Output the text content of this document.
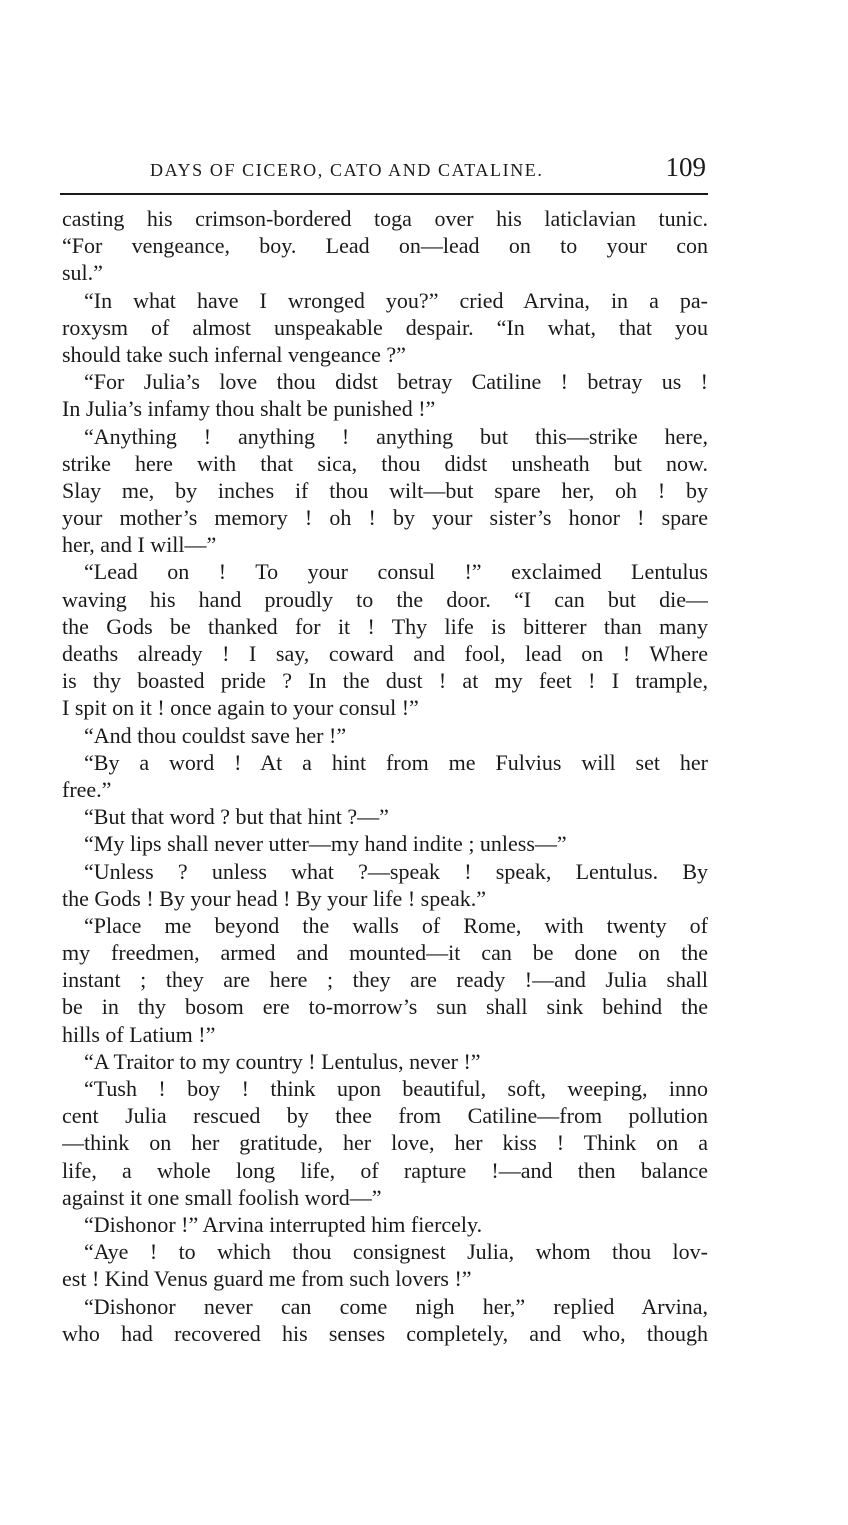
DAYS OF CICERO, CATO AND CATALINE.	109
casting his crimson-bordered toga over his laticlavian tunic.
“For vengeance, boy. Lead on—lead on to your con
sul.”
“In what have I wronged you?” cried Arvina, in a pa-
roxysm of almost unspeakable despair. “In what, that you
should take such infernal vengeance ?”
“For Julia’s love thou didst betray Catiline ! betray us !
In Julia’s infamy thou shalt be punished !”
“Anything ! anything ! anything but this—strike here,
strike here with that sica, thou didst unsheath but now.
Slay me, by inches if thou wilt—but spare her, oh ! by
your mother’s memory ! oh ! by your sister’s honor ! spare
her, and I will—”
“Lead on ! To your consul !” exclaimed Lentulus
waving his hand proudly to the door. “I can but die—
the Gods be thanked for it ! Thy life is bitterer than many
deaths already ! I say, coward and fool, lead on ! Where
is thy boasted pride ? In the dust ! at my feet ! I trample,
I spit on it ! once again to your consul !”
“And thou couldst save her !”
“By a word ! At a hint from me Fulvius will set her
free.”
“But that word ? but that hint ?—”
“My lips shall never utter—my hand indite ; unless—”
“Unless ? unless what ?—speak ! speak, Lentulus. By
the Gods ! By your head ! By your life ! speak.”
“Place me beyond the walls of Rome, with twenty of
my freedmen, armed and mounted—it can be done on the
instant ; they are here ; they are ready !—and Julia shall
be in thy bosom ere to-morrow’s sun shall sink behind the
hills of Latium !”
“A Traitor to my country ! Lentulus, never !”
“Tush ! boy ! think upon beautiful, soft, weeping, inno
cent Julia rescued by thee from Catiline—from pollution
—think on her gratitude, her love, her kiss ! Think on a
life, a whole long life, of rapture !—and then balance
against it one small foolish word—”
“Dishonor !” Arvina interrupted him fiercely.
“Aye ! to which thou consignest Julia, whom thou lov-
est ! Kind Venus guard me from such lovers !”
“Dishonor never can come nigh her,” replied Arvina,
who had recovered his senses completely, and who, though
